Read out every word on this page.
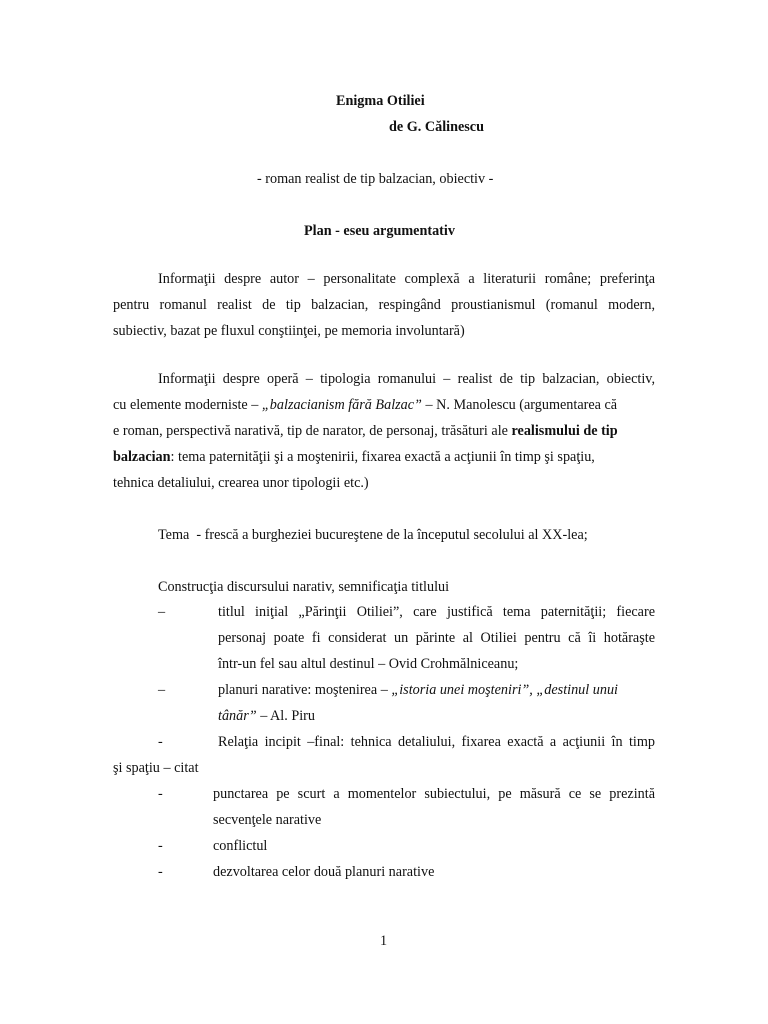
Enigma Otiliei
de G. Călinescu
- roman realist de tip balzacian, obiectiv -
Plan - eseu argumentativ
Informaţii despre autor – personalitate complexă a literaturii române; preferinţa
pentru romanul realist de tip balzacian, respingând proustianismul (romanul modern,
subiectiv, bazat pe fluxul conştiinţei, pe memoria involuntară)
Informaţii despre operă – tipologia romanului – realist de tip balzacian, obiectiv,
cu elemente moderniste – „balzacianism fără Balzac” – N. Manolescu (argumentarea că
e roman, perspectivă narativă, tip de narator, de personaj, trăsături ale realismului de tip
balzacian: tema paternităţii şi a moştenirii, fixarea exactă a acţiunii în timp şi spaţiu,
tehnica detaliului, crearea unor tipologii etc.)
Tema  - frescă a burgheziei bucureştene de la începutul secolului al XX-lea;
Construcţia discursului narativ, semnificaţia titlului
–	titlul iniţial „Părinţii Otiliei”, care justifică tema paternităţii; fiecare
personaj poate fi considerat un părinte al Otiliei pentru că îi hotăraşte
într-un fel sau altul destinul – Ovid Crohmălniceanu;
–	planuri narative: moştenirea – „istoria unei moşteniri”, „destinul unui
tânăr” – Al. Piru
-	Relaţia incipit –final: tehnica detaliului, fixarea exactă a acţiunii în timp
şi spaţiu – citat
-	punctarea pe scurt a momentelor subiectului, pe măsură ce se prezintă
secvenţele narative
-	conflictul
-	dezvoltarea celor două planuri narative
1
